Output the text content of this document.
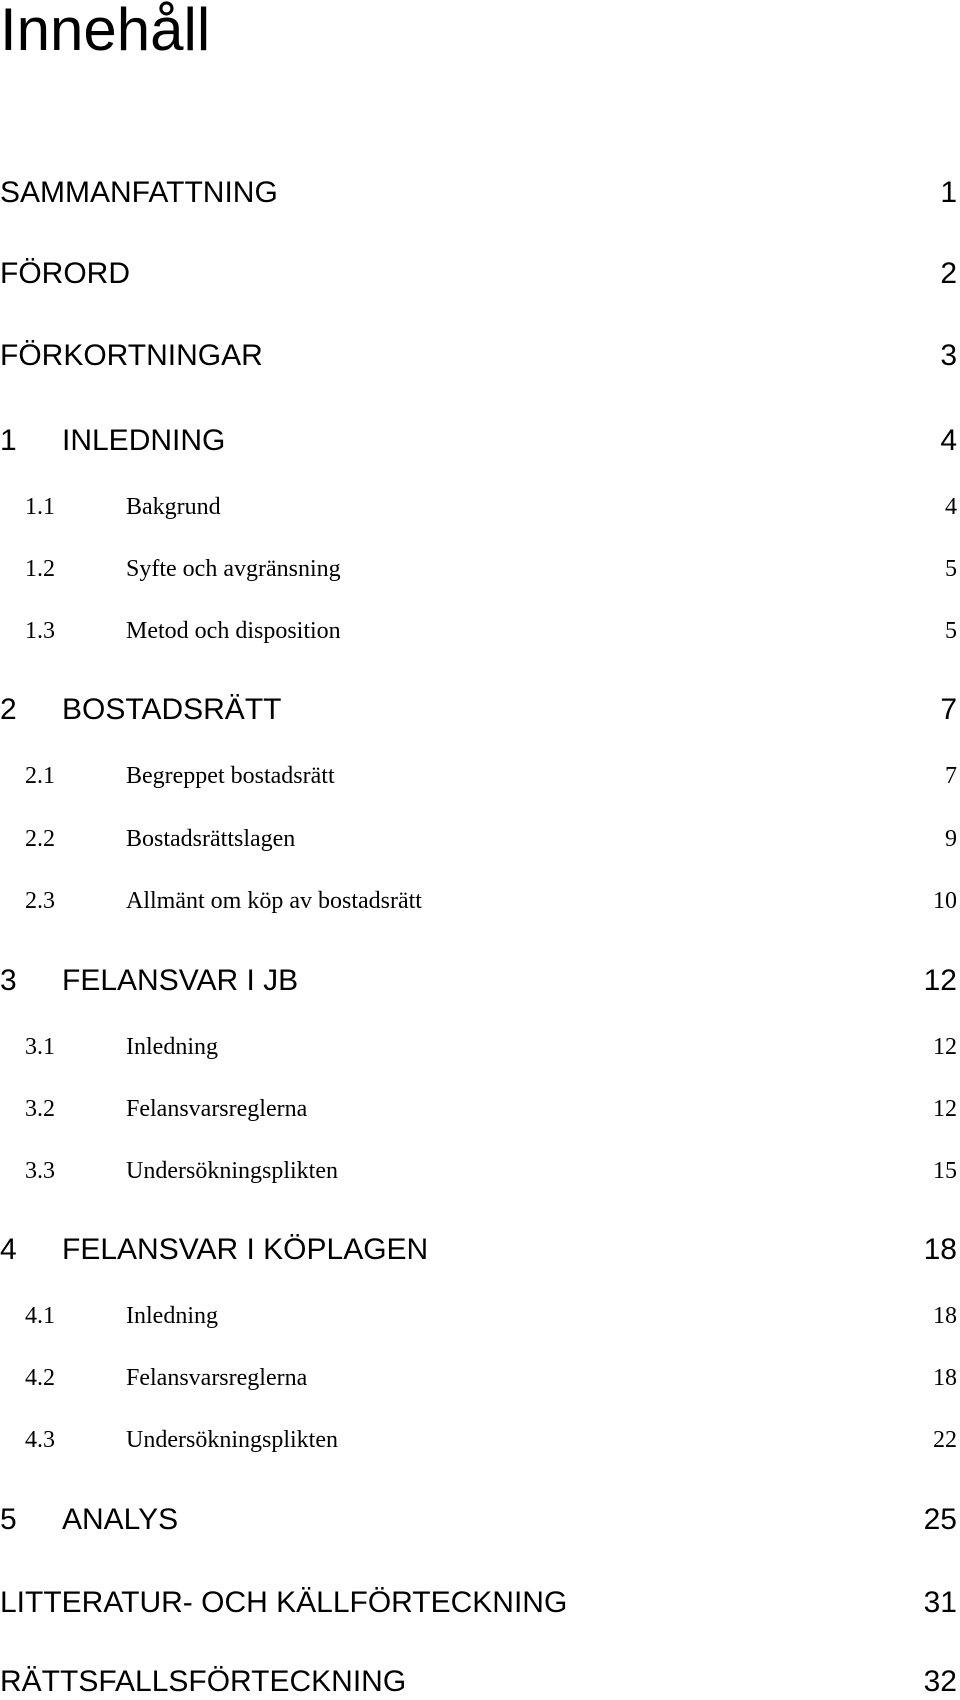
Innehåll
SAMMANFATTNING	1
FÖRORD	2
FÖRKORTNINGAR	3
1 INLEDNING	4
1.1	Bakgrund	4
1.2	Syfte och avgränsning	5
1.3	Metod och disposition	5
2 BOSTADSRÄTT	7
2.1	Begreppet bostadsrätt	7
2.2	Bostadsrättslagen	9
2.3	Allmänt om köp av bostadsrätt	10
3 FELANSVAR I JB	12
3.1	Inledning	12
3.2	Felansvarsreglerna	12
3.3	Undersökningsplikten	15
4 FELANSVAR I KÖPLAGEN	18
4.1	Inledning	18
4.2	Felansvarsreglerna	18
4.3	Undersökningsplikten	22
5 ANALYS	25
LITTERATUR- OCH KÄLLFÖRTECKNING	31
RÄTTSFALLSFÖRTECKNING	32
